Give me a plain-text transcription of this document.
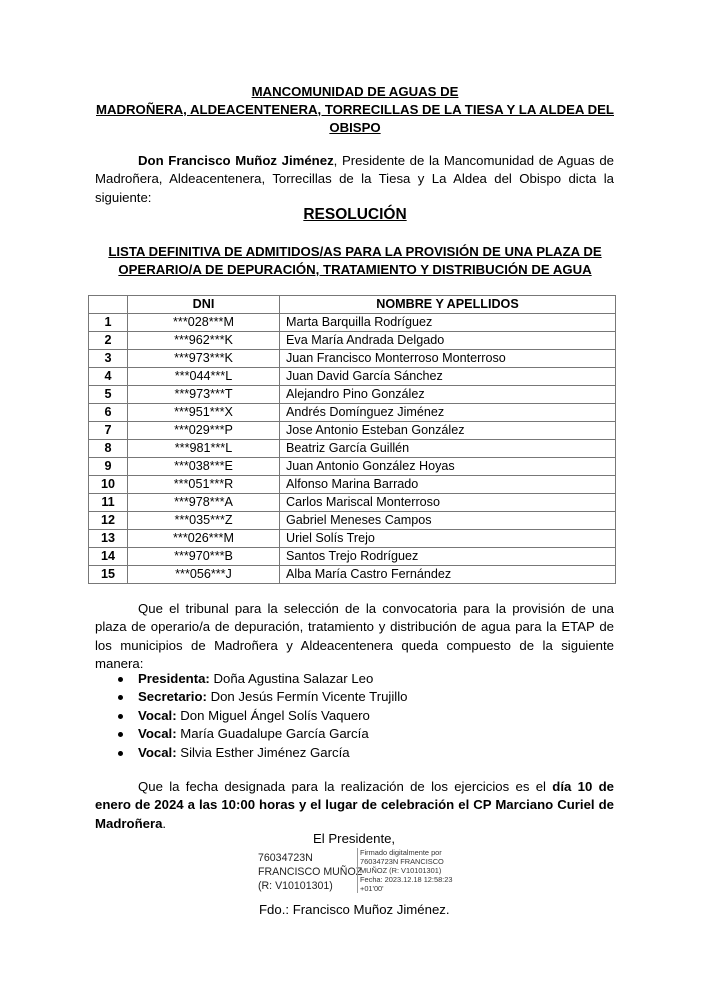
MANCOMUNIDAD DE AGUAS DE
MADROÑERA, ALDEACENTENERA, TORRECILLAS DE LA TIESA Y LA ALDEA DEL
OBISPO
Don Francisco Muñoz Jiménez, Presidente de la Mancomunidad de Aguas de Madroñera, Aldeacentenera, Torrecillas de la Tiesa y La Aldea del Obispo dicta la siguiente:
RESOLUCIÓN
LISTA DEFINITIVA DE ADMITIDOS/AS PARA LA PROVISIÓN DE UNA PLAZA DE
OPERARIO/A DE DEPURACIÓN, TRATAMIENTO Y DISTRIBUCIÓN DE AGUA
	DNI	NOMBRE Y APELLIDOS
1	***028***M	Marta Barquilla Rodríguez
2	***962***K	Eva María Andrada Delgado
3	***973***K	Juan Francisco Monterroso Monterroso
4	***044***L	Juan David García Sánchez
5	***973***T	Alejandro Pino González
6	***951***X	Andrés Domínguez Jiménez
7	***029***P	Jose Antonio Esteban González
8	***981***L	Beatriz García Guillén
9	***038***E	Juan Antonio González Hoyas
10	***051***R	Alfonso Marina Barrado
11	***978***A	Carlos Mariscal Monterroso
12	***035***Z	Gabriel Meneses Campos
13	***026***M	Uriel Solís Trejo
14	***970***B	Santos Trejo Rodríguez
15	***056***J	Alba María Castro Fernández
Que el tribunal para la selección de la convocatoria para la provisión de una plaza de operario/a de depuración, tratamiento y distribución de agua para la ETAP de los municipios de Madroñera y Aldeacentenera queda compuesto de la siguiente manera:
Presidenta: Doña Agustina Salazar Leo
Secretario: Don Jesús Fermín Vicente Trujillo
Vocal: Don Miguel Ángel Solís Vaquero
Vocal: María Guadalupe García García
Vocal: Silvia Esther Jiménez García
Que la fecha designada para la realización de los ejercicios es el día 10 de enero de 2024 a las 10:00 horas y el lugar de celebración el CP Marciano Curiel de Madroñera.
El Presidente,
76034723N
FRANCISCO MUÑOZ
(R: V10101301)
Firmado digitalmente por
76034723N FRANCISCO
MUÑOZ (R: V10101301)
Fecha: 2023.12.18 12:58:23
+01'00'
Fdo.: Francisco Muñoz Jiménez.
